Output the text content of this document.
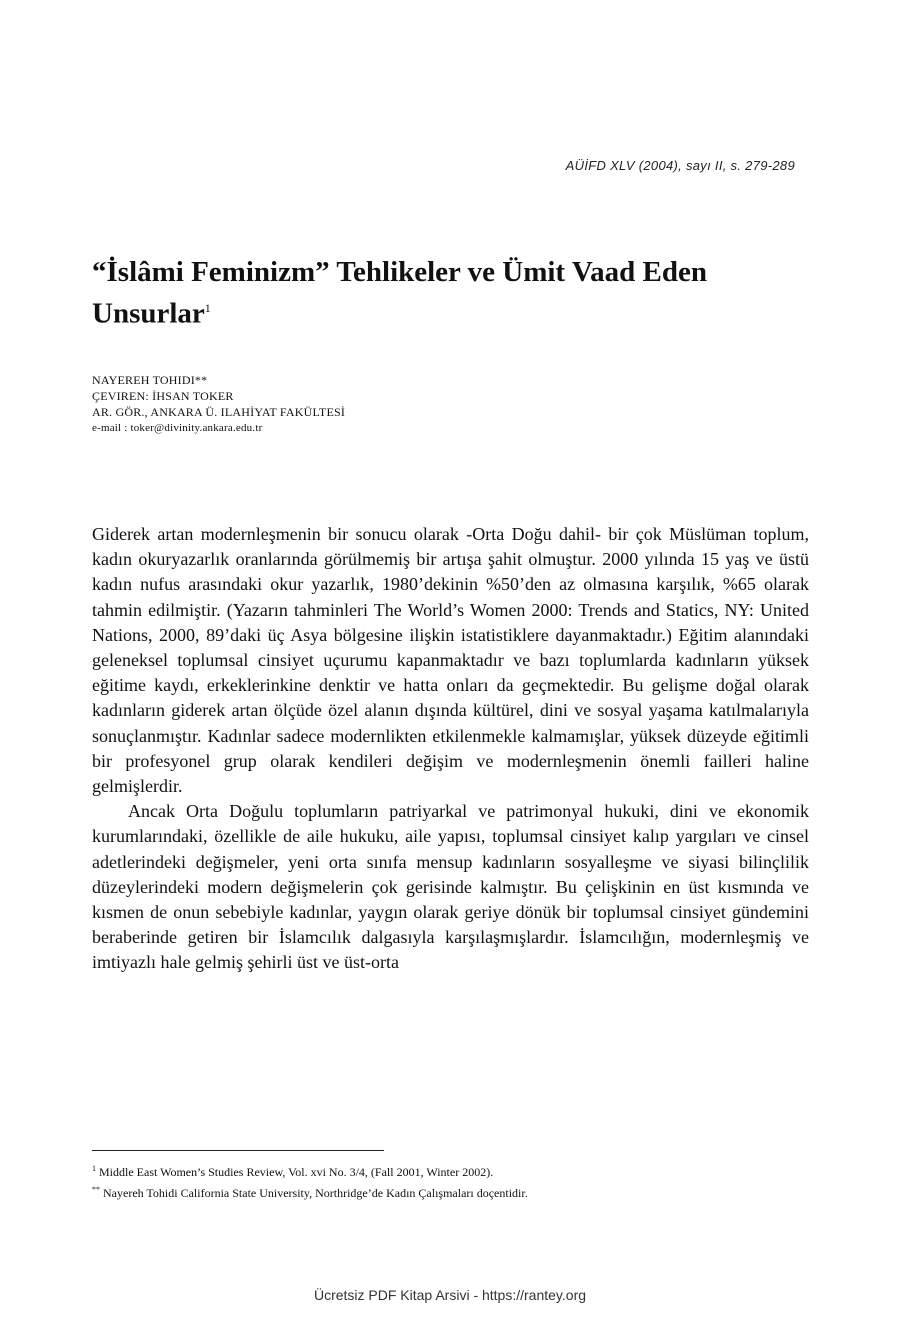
AÜİFD XLV (2004), sayı II, s. 279-289
“İslâmi Feminizm” Tehlikeler ve Ümit Vaad Eden Unsurlar$^1$
NAYEREH TOHIDI**
ÇEVIREN: İHSAN TOKER
AR. GÖR., ANKARA Ü. ILAHİYAT FAKÜLTESİ
e-mail : toker@divinity.ankara.edu.tr

Giderek artan modernleşmenin bir sonucu olarak -Orta Doğu dahil- bir çok Müslüman toplum, kadın okuryazarlık oranlarında görülmemiş bir artışa şahit olmuştur. 2000 yılında 15 yaş ve üstü kadın nufus arasındaki okur yazarlık, 1980’dekinin %50’den az olmasına karşılık, %65 olarak tahmin edilmiştir. (Yazarın tahminleri The World’s Women 2000: Trends and Statics, NY: United Nations, 2000, 89’daki üç Asya bölgesine ilişkin istatistiklere dayanmaktadır.) Eğitim alanındaki geleneksel toplumsal cinsiyet uçurumu kapanmaktadır ve bazı toplumlarda kadınların yüksek eğitime kaydı, erkeklerinkine denktir ve hatta onları da geçmektedir. Bu gelişme doğal olarak kadınların giderek artan ölçüde özel alanın dışında kültürel, dini ve sosyal yaşama katılmalarıyla sonuçlanmıştır. Kadınlar sadece modernlikten etkilenmekle kalmamışlar, yüksek düzeyde eğitimli bir profesyonel grup olarak kendileri değişim ve modernleşmenin önemli failleri haline gelmişlerdir.

Ancak Orta Doğulu toplumların patriyarkal ve patrimonyal hukuki, dini ve ekonomik kurumlarındaki, özellikle de aile hukuku, aile yapısı, toplumsal cinsiyet kalıp yargıları ve cinsel adetlerindeki değişmeler, yeni orta sınıfa mensup kadınların sosyalleşme ve siyasi bilinçlilik düzeylerindeki modern değişmelerin çok gerisinde kalmıştır. Bu çelişkinin en üst kısmında ve kısmen de onun sebebiyle kadınlar, yaygın olarak geriye dönük bir toplumsal cinsiyet gündemini beraberinde getiren bir İslamcılık dalgasıyla karşılaşmışlardır. İslamcılığın, modernleşmiş ve imtiyazlı hale gelmiş şehirli üst ve üst-orta

$^1$ Middle East Women’s Studies Review, Vol. xvi No. 3/4, (Fall 2001, Winter 2002).
** Nayereh Tohidi California State University, Northridge’de Kadın Çalışmaları doçentidir.
Ücretsiz PDF Kitap Arsivi - https://rantey.org
